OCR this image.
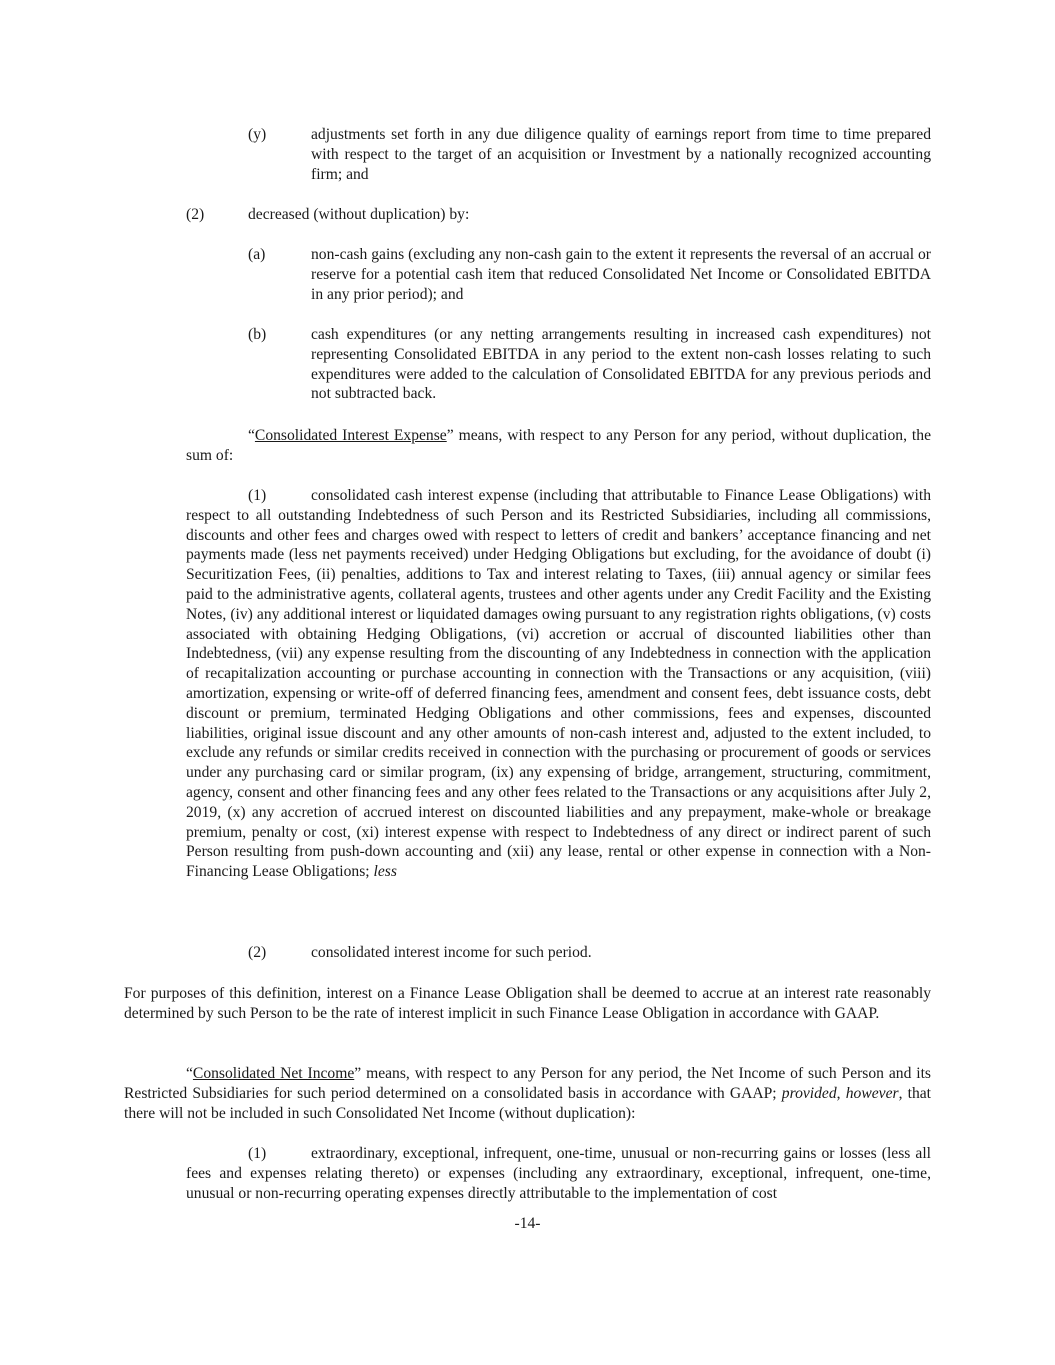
(y)	adjustments set forth in any due diligence quality of earnings report from time to time prepared with respect to the target of an acquisition or Investment by a nationally recognized accounting firm; and
(2)	decreased (without duplication) by:
(a)	non-cash gains (excluding any non-cash gain to the extent it represents the reversal of an accrual or reserve for a potential cash item that reduced Consolidated Net Income or Consolidated EBITDA in any prior period); and
(b)	cash expenditures (or any netting arrangements resulting in increased cash expenditures) not representing Consolidated EBITDA in any period to the extent non-cash losses relating to such expenditures were added to the calculation of Consolidated EBITDA for any previous periods and not subtracted back.
“Consolidated Interest Expense” means, with respect to any Person for any period, without duplication, the sum of:
(1)	consolidated cash interest expense (including that attributable to Finance Lease Obligations) with respect to all outstanding Indebtedness of such Person and its Restricted Subsidiaries, including all commissions, discounts and other fees and charges owed with respect to letters of credit and bankers’ acceptance financing and net payments made (less net payments received) under Hedging Obligations but excluding, for the avoidance of doubt (i) Securitization Fees, (ii) penalties, additions to Tax and interest relating to Taxes, (iii) annual agency or similar fees paid to the administrative agents, collateral agents, trustees and other agents under any Credit Facility and the Existing Notes, (iv) any additional interest or liquidated damages owing pursuant to any registration rights obligations, (v) costs associated with obtaining Hedging Obligations, (vi) accretion or accrual of discounted liabilities other than Indebtedness, (vii) any expense resulting from the discounting of any Indebtedness in connection with the application of recapitalization accounting or purchase accounting in connection with the Transactions or any acquisition, (viii) amortization, expensing or write-off of deferred financing fees, amendment and consent fees, debt issuance costs, debt discount or premium, terminated Hedging Obligations and other commissions, fees and expenses, discounted liabilities, original issue discount and any other amounts of non-cash interest and, adjusted to the extent included, to exclude any refunds or similar credits received in connection with the purchasing or procurement of goods or services under any purchasing card or similar program, (ix) any expensing of bridge, arrangement, structuring, commitment, agency, consent and other financing fees and any other fees related to the Transactions or any acquisitions after July 2, 2019, (x) any accretion of accrued interest on discounted liabilities and any prepayment, make-whole or breakage premium, penalty or cost, (xi) interest expense with respect to Indebtedness of any direct or indirect parent of such Person resulting from push-down accounting and (xii) any lease, rental or other expense in connection with a Non-Financing Lease Obligations; less
(2)	consolidated interest income for such period.
For purposes of this definition, interest on a Finance Lease Obligation shall be deemed to accrue at an interest rate reasonably determined by such Person to be the rate of interest implicit in such Finance Lease Obligation in accordance with GAAP.
“Consolidated Net Income” means, with respect to any Person for any period, the Net Income of such Person and its Restricted Subsidiaries for such period determined on a consolidated basis in accordance with GAAP; provided, however, that there will not be included in such Consolidated Net Income (without duplication):
(1)	extraordinary, exceptional, infrequent, one-time, unusual or non-recurring gains or losses (less all fees and expenses relating thereto) or expenses (including any extraordinary, exceptional, infrequent, one-time, unusual or non-recurring operating expenses directly attributable to the implementation of cost
-14-
